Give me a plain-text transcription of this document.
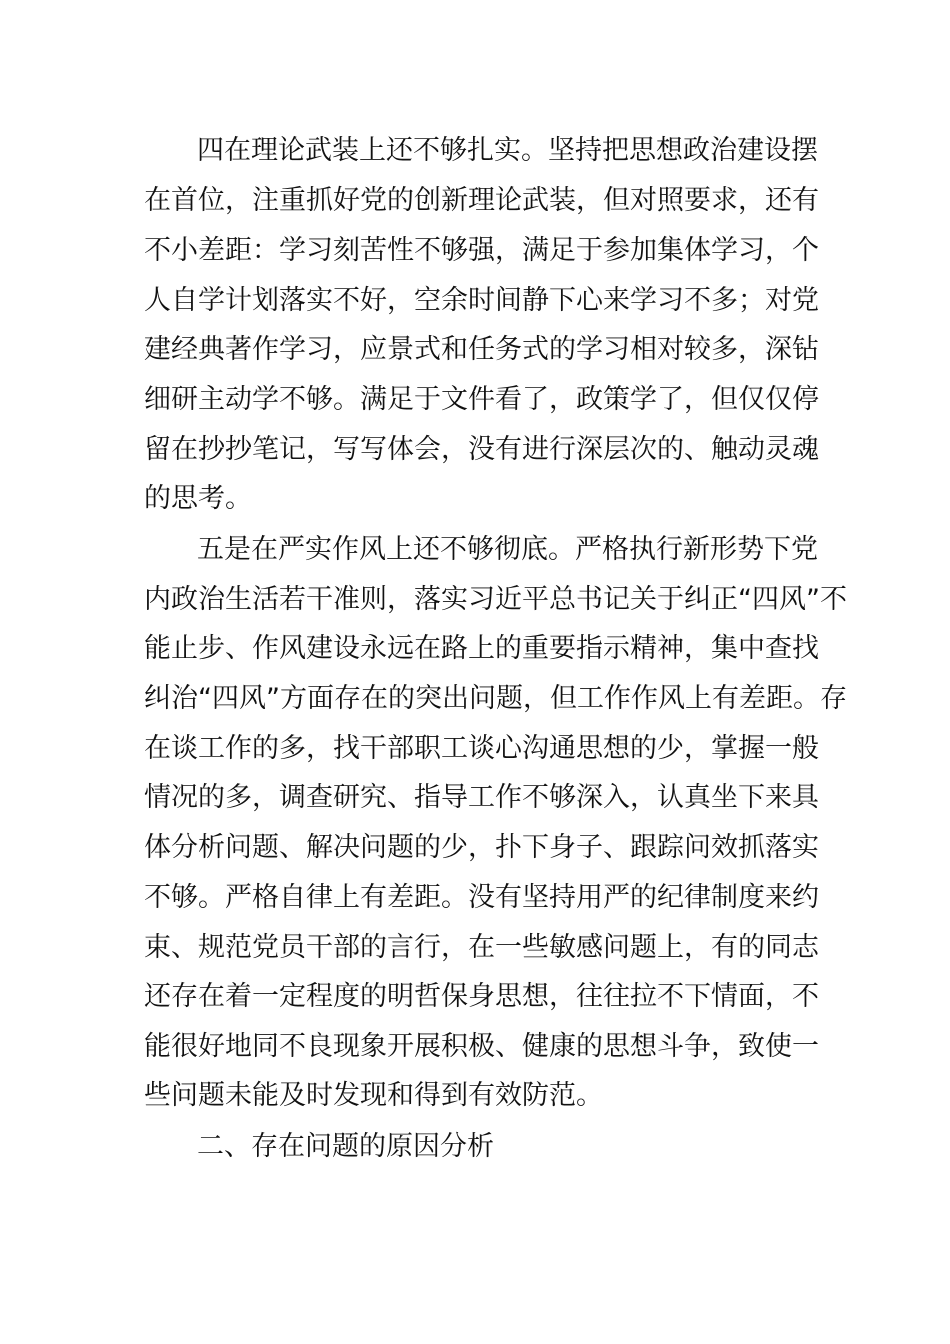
四在理论武装上还不够扎实。坚持把思想政治建设摆
在首位，注重抓好党的创新理论武装，但对照要求，还有
不小差距：学习刻苦性不够强，满足于参加集体学习，个
人自学计划落实不好，空余时间静下心来学习不多；对党
建经典著作学习，应景式和任务式的学习相对较多，深钻
细研主动学不够。满足于文件看了，政策学了，但仅仅停
留在抄抄笔记，写写体会，没有进行深层次的、触动灵魂
的思考。
五是在严实作风上还不够彻底。严格执行新形势下党
内政治生活若干准则，落实习近平总书记关于纠正“四风”不
能止步、作风建设永远在路上的重要指示精神，集中查找
纠治“四风”方面存在的突出问题，但工作作风上有差距。存
在谈工作的多，找干部职工谈心沟通思想的少，掌握一般
情况的多，调查研究、指导工作不够深入，认真坐下来具
体分析问题、解决问题的少，扑下身子、跟踪问效抓落实
不够。严格自律上有差距。没有坚持用严的纪律制度来约
束、规范党员干部的言行，在一些敏感问题上，有的同志
还存在着一定程度的明哲保身思想，往往拉不下情面，不
能很好地同不良现象开展积极、健康的思想斗争，致使一
些问题未能及时发现和得到有效防范。
二、存在问题的原因分析
